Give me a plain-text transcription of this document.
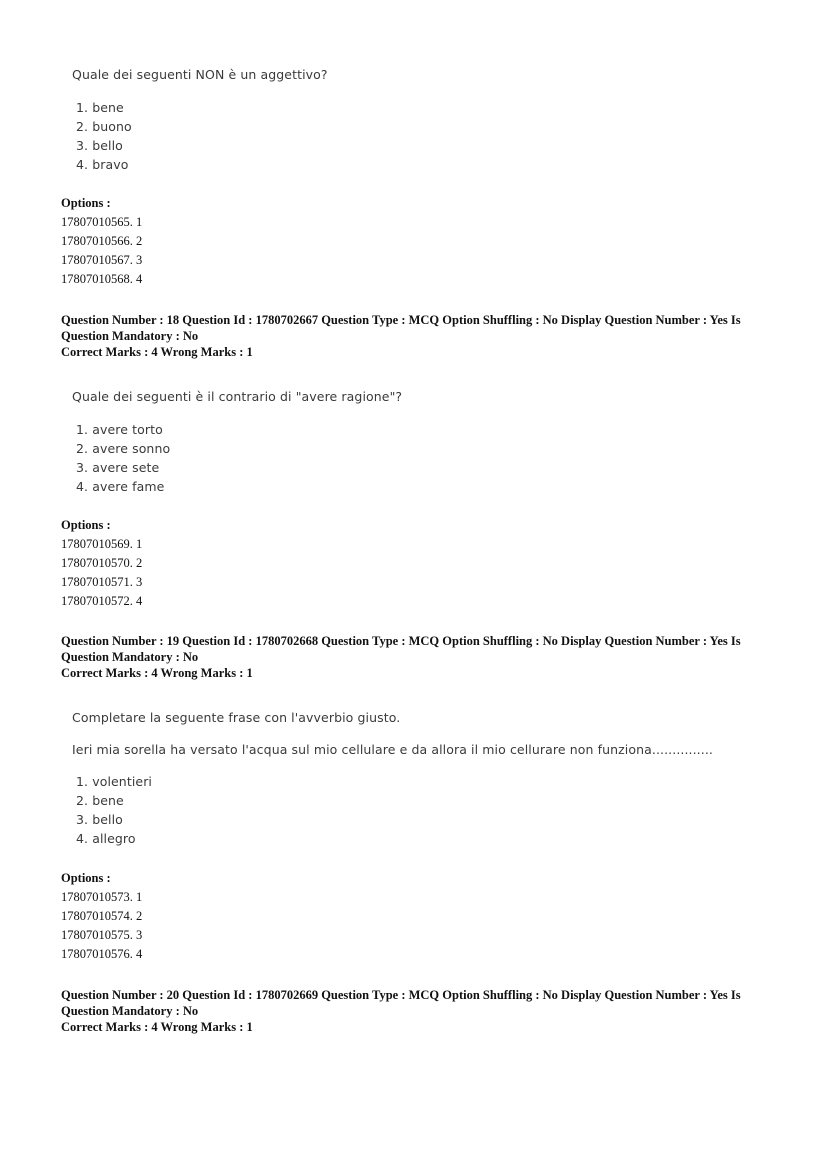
Quale dei seguenti NON è un aggettivo?

1. bene
2. buono
3. bello
4. bravo
Options :
17807010565. 1
17807010566. 2
17807010567. 3
17807010568. 4
Question Number : 18 Question Id : 1780702667 Question Type : MCQ Option Shuffling : No Display Question Number : Yes Is Question Mandatory : No
Correct Marks : 4 Wrong Marks : 1

Quale dei seguenti è il contrario di "avere ragione"?

1. avere torto
2. avere sonno
3. avere sete
4. avere fame
Options :
17807010569. 1
17807010570. 2
17807010571. 3
17807010572. 4
Question Number : 19 Question Id : 1780702668 Question Type : MCQ Option Shuffling : No Display Question Number : Yes Is Question Mandatory : No
Correct Marks : 4 Wrong Marks : 1

Completare la seguente frase con l'avverbio giusto.

Ieri mia sorella ha versato l'acqua sul mio cellulare e da allora il mio cellurare non funziona...............

1. volentieri
2. bene
3. bello
4. allegro
Options :
17807010573. 1
17807010574. 2
17807010575. 3
17807010576. 4
Question Number : 20 Question Id : 1780702669 Question Type : MCQ Option Shuffling : No Display Question Number : Yes Is Question Mandatory : No
Correct Marks : 4 Wrong Marks : 1
